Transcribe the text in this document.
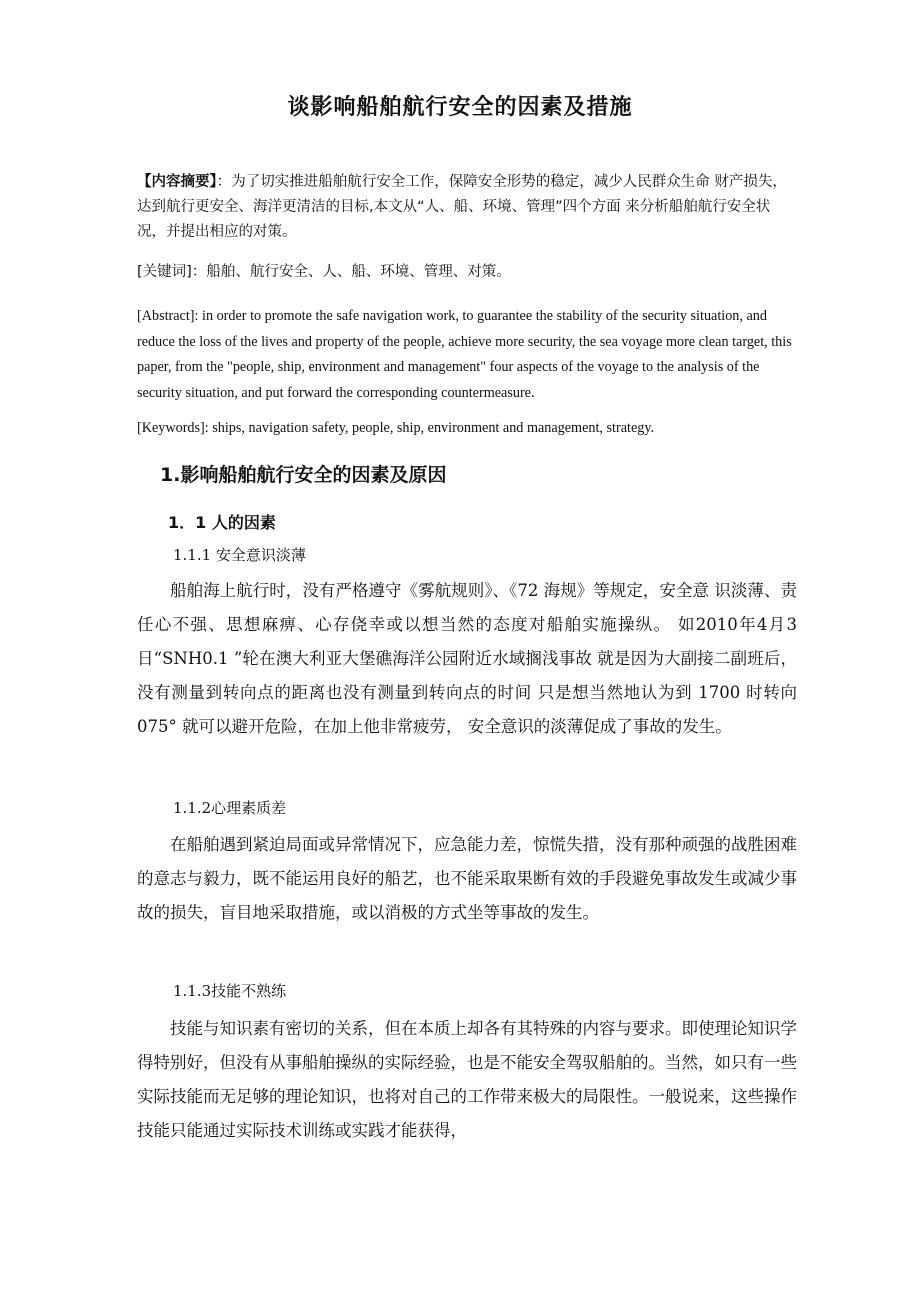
谈影响船舶航行安全的因素及措施
【内容摘要】：为了切实推进船舶航行安全工作，保障安全形势的稳定，减少人民群众生命 财产损失，达到航行更安全、海洋更清洁的目标,本文从“人、船、环境、管理”四个方面 来分析船舶航行安全状况，并提出相应的对策。
[关键词]：船舶、航行安全、人、船、环境、管理、对策。
[Abstract]: in order to promote the safe navigation work, to guarantee the stability of the security situation, and reduce the loss of the lives and property of the people, achieve more security, the sea voyage more clean target, this paper, from the "people, ship, environment and management" four aspects of the voyage to the analysis of the security situation, and put forward the corresponding countermeasure.
[Keywords]: ships, navigation safety, people, ship, environment and management, strategy.
1.影响船舶航行安全的因素及原因
1．1 人的因素
1.1.1 安全意识淡薄
船舶海上航行时，没有严格遵守《雾航规则》、《72 海规》等规定，安全意 识淡薄、责任心不强、思想麻痹、心存侥幸或以想当然的态度对船舶实施操纵。 如2010年4月3日“SNH0.1 ”轮在澳大利亚大堡礁海洋公园附近水域搁浅事故 就是因为大副接二副班后，没有测量到转向点的距离也没有测量到转向点的时间 只是想当然地认为到 1700 时转向 075° 就可以避开危险，在加上他非常疲劳， 安全意识的淡薄促成了事故的发生。
1.1.2心理素质差
在船舶遇到紧迫局面或异常情况下，应急能力差，惊慌失措，没有那种顽强的战胜困难的意志与毅力，既不能运用良好的船艺，也不能采取果断有效的手段避免事故发生或减少事故的损失，盲目地采取措施，或以消极的方式坐等事故的发生。
1.1.3技能不熟练
技能与知识素有密切的关系，但在本质上却各有其特殊的内容与要求。即使理论知识学得特别好，但没有从事船舶操纵的实际经验，也是不能安全驾驭船舶的。当然，如只有一些实际技能而无足够的理论知识，也将对自己的工作带来极大的局限性。一般说来，这些操作技能只能通过实际技术训练或实践才能获得，
